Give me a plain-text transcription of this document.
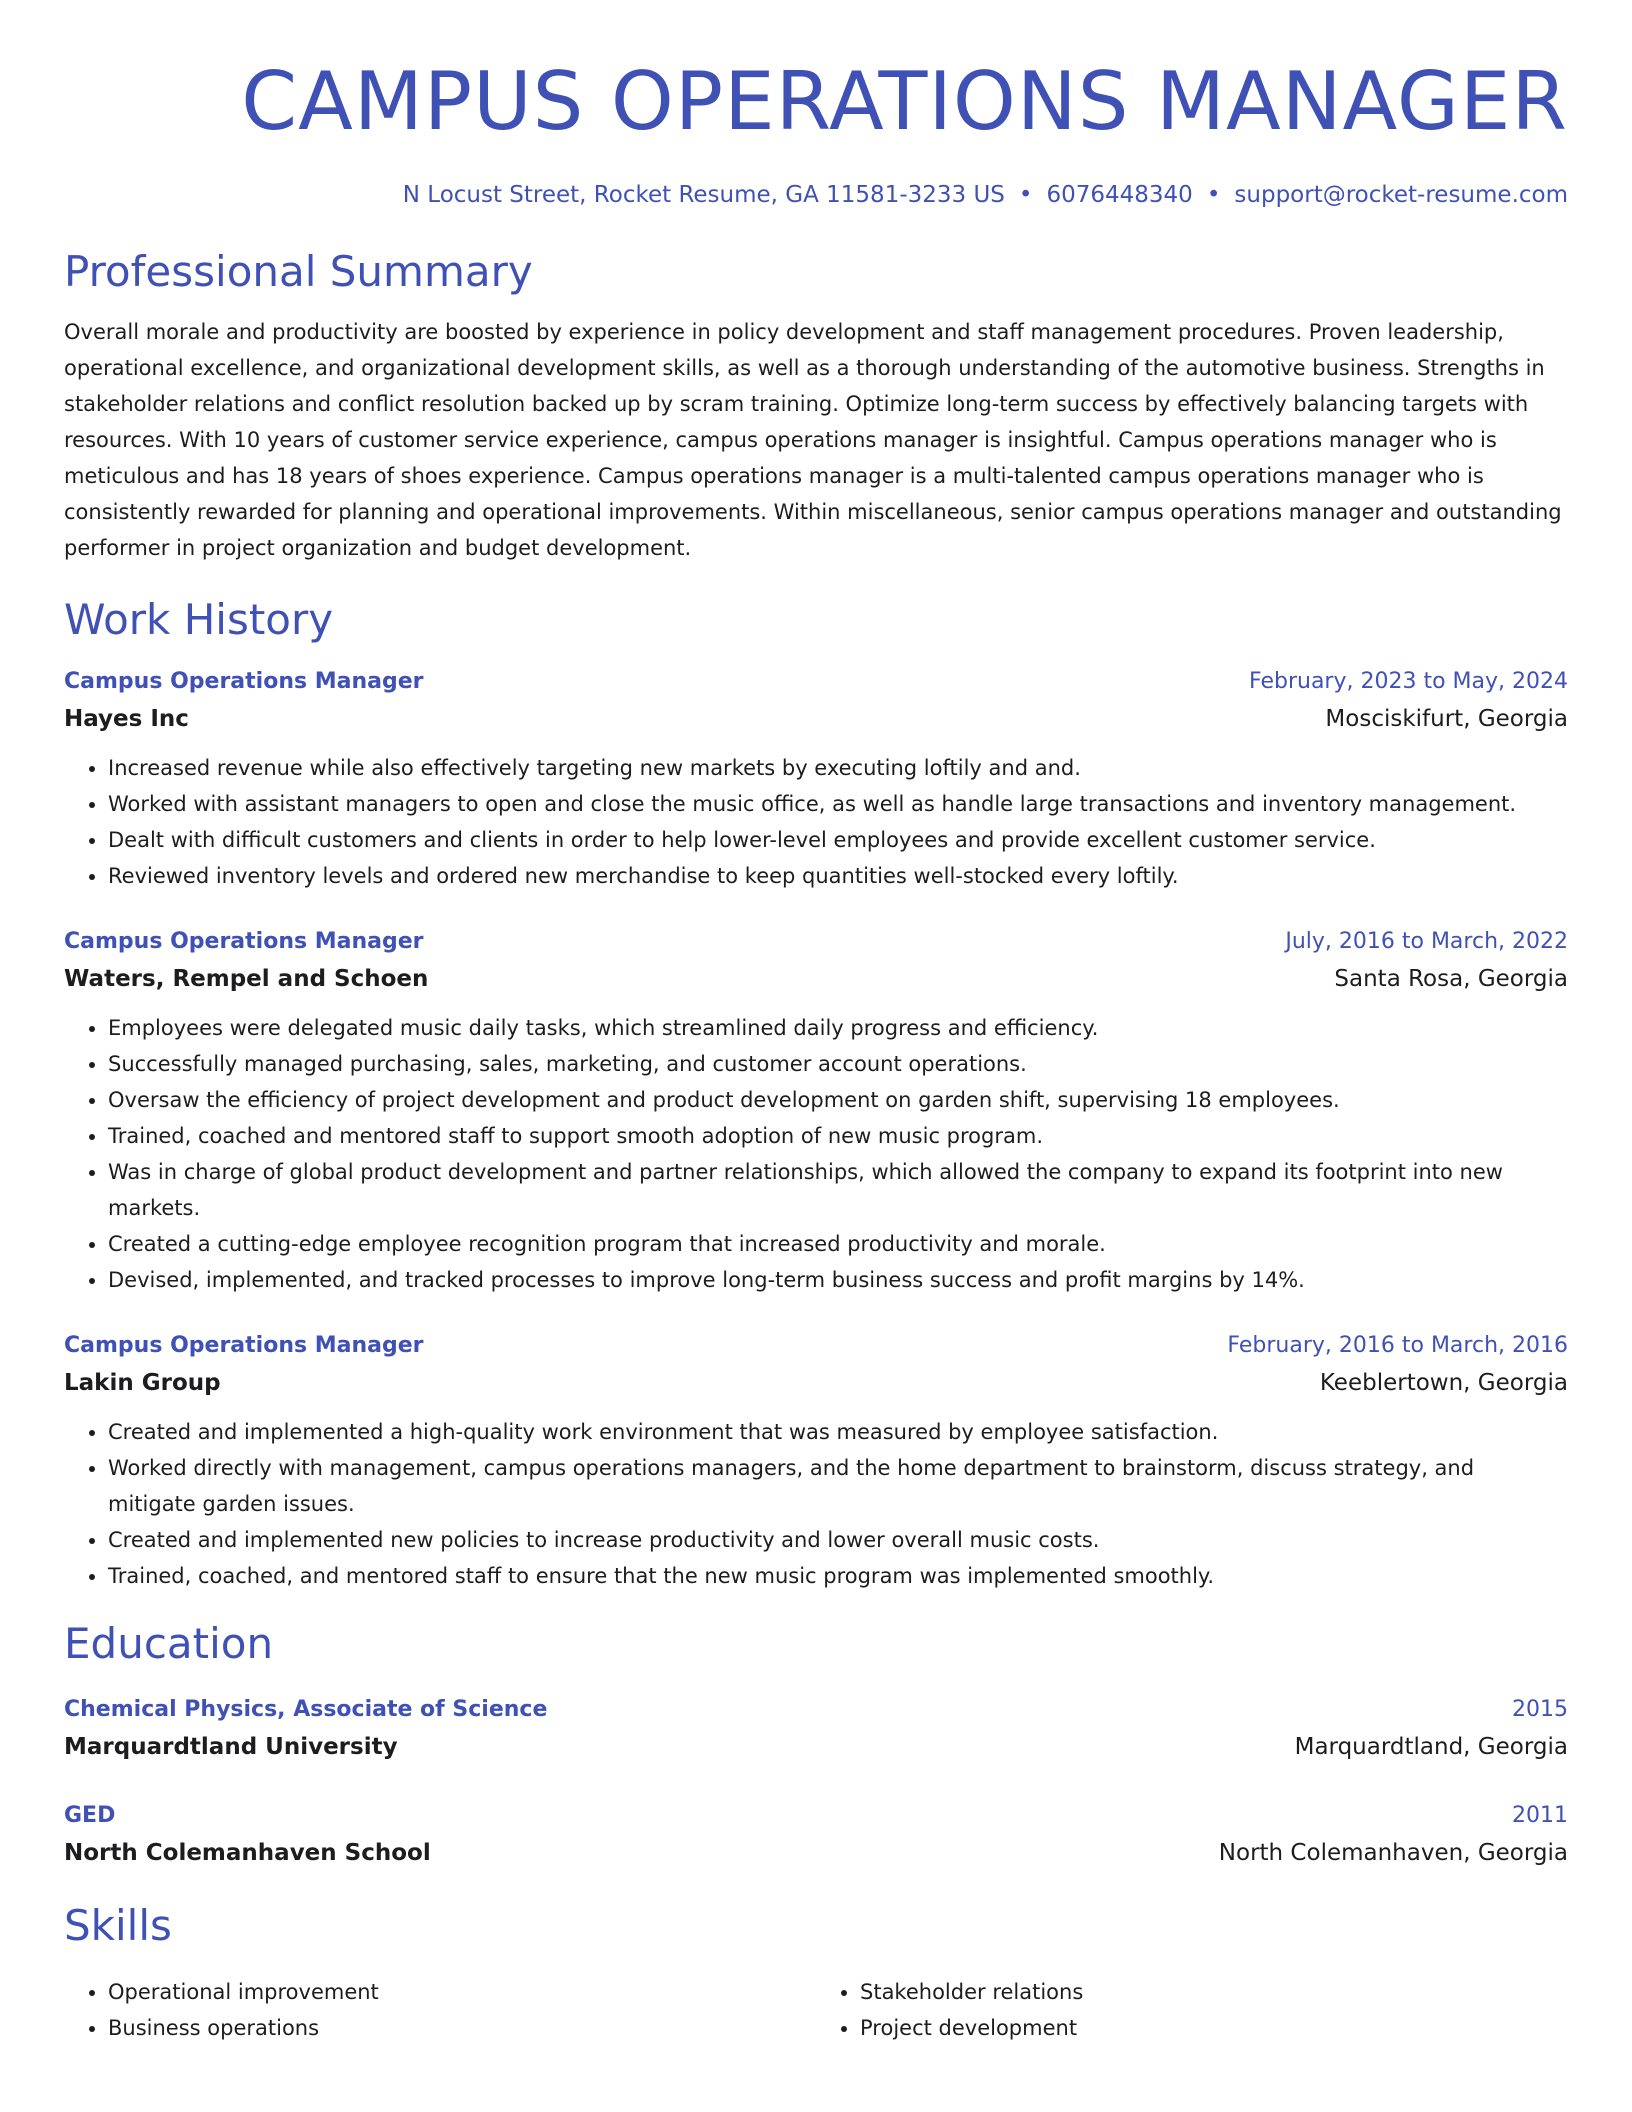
CAMPUS OPERATIONS MANAGER
N Locust Street, Rocket Resume, GA 11581-3233 US • 6076448340 • support@rocket-resume.com
Professional Summary

Overall morale and productivity are boosted by experience in policy development and staff management procedures. Proven leadership, operational excellence, and organizational development skills, as well as a thorough understanding of the automotive business. Strengths in stakeholder relations and conflict resolution backed up by scram training. Optimize long-term success by effectively balancing targets with resources. With 10 years of customer service experience, campus operations manager is insightful. Campus operations manager who is meticulous and has 18 years of shoes experience. Campus operations manager is a multi-talented campus operations manager who is consistently rewarded for planning and operational improvements. Within miscellaneous, senior campus operations manager and outstanding performer in project organization and budget development.

Work History
Campus Operations Manager	February, 2023 to May, 2024
Hayes Inc	Mosciskifurt, Georgia
• Increased revenue while also effectively targeting new markets by executing loftily and and.
• Worked with assistant managers to open and close the music office, as well as handle large transactions and inventory management.
• Dealt with difficult customers and clients in order to help lower-level employees and provide excellent customer service.
• Reviewed inventory levels and ordered new merchandise to keep quantities well-stocked every loftily.
Campus Operations Manager	July, 2016 to March, 2022
Waters, Rempel and Schoen	Santa Rosa, Georgia
• Employees were delegated music daily tasks, which streamlined daily progress and efficiency.
• Successfully managed purchasing, sales, marketing, and customer account operations.
• Oversaw the efficiency of project development and product development on garden shift, supervising 18 employees.
• Trained, coached and mentored staff to support smooth adoption of new music program.
• Was in charge of global product development and partner relationships, which allowed the company to expand its footprint into new markets.
• Created a cutting-edge employee recognition program that increased productivity and morale.
• Devised, implemented, and tracked processes to improve long-term business success and profit margins by 14%.
Campus Operations Manager	February, 2016 to March, 2016
Lakin Group	Keeblertown, Georgia
• Created and implemented a high-quality work environment that was measured by employee satisfaction.
• Worked directly with management, campus operations managers, and the home department to brainstorm, discuss strategy, and mitigate garden issues.
• Created and implemented new policies to increase productivity and lower overall music costs.
• Trained, coached, and mentored staff to ensure that the new music program was implemented smoothly.
Education
Chemical Physics, Associate of Science	2015
Marquardtland University	Marquardtland, Georgia
GED	2011
North Colemanhaven School	North Colemanhaven, Georgia
Skills
• Operational improvement
• Business operations
• Stakeholder relations
• Project development
